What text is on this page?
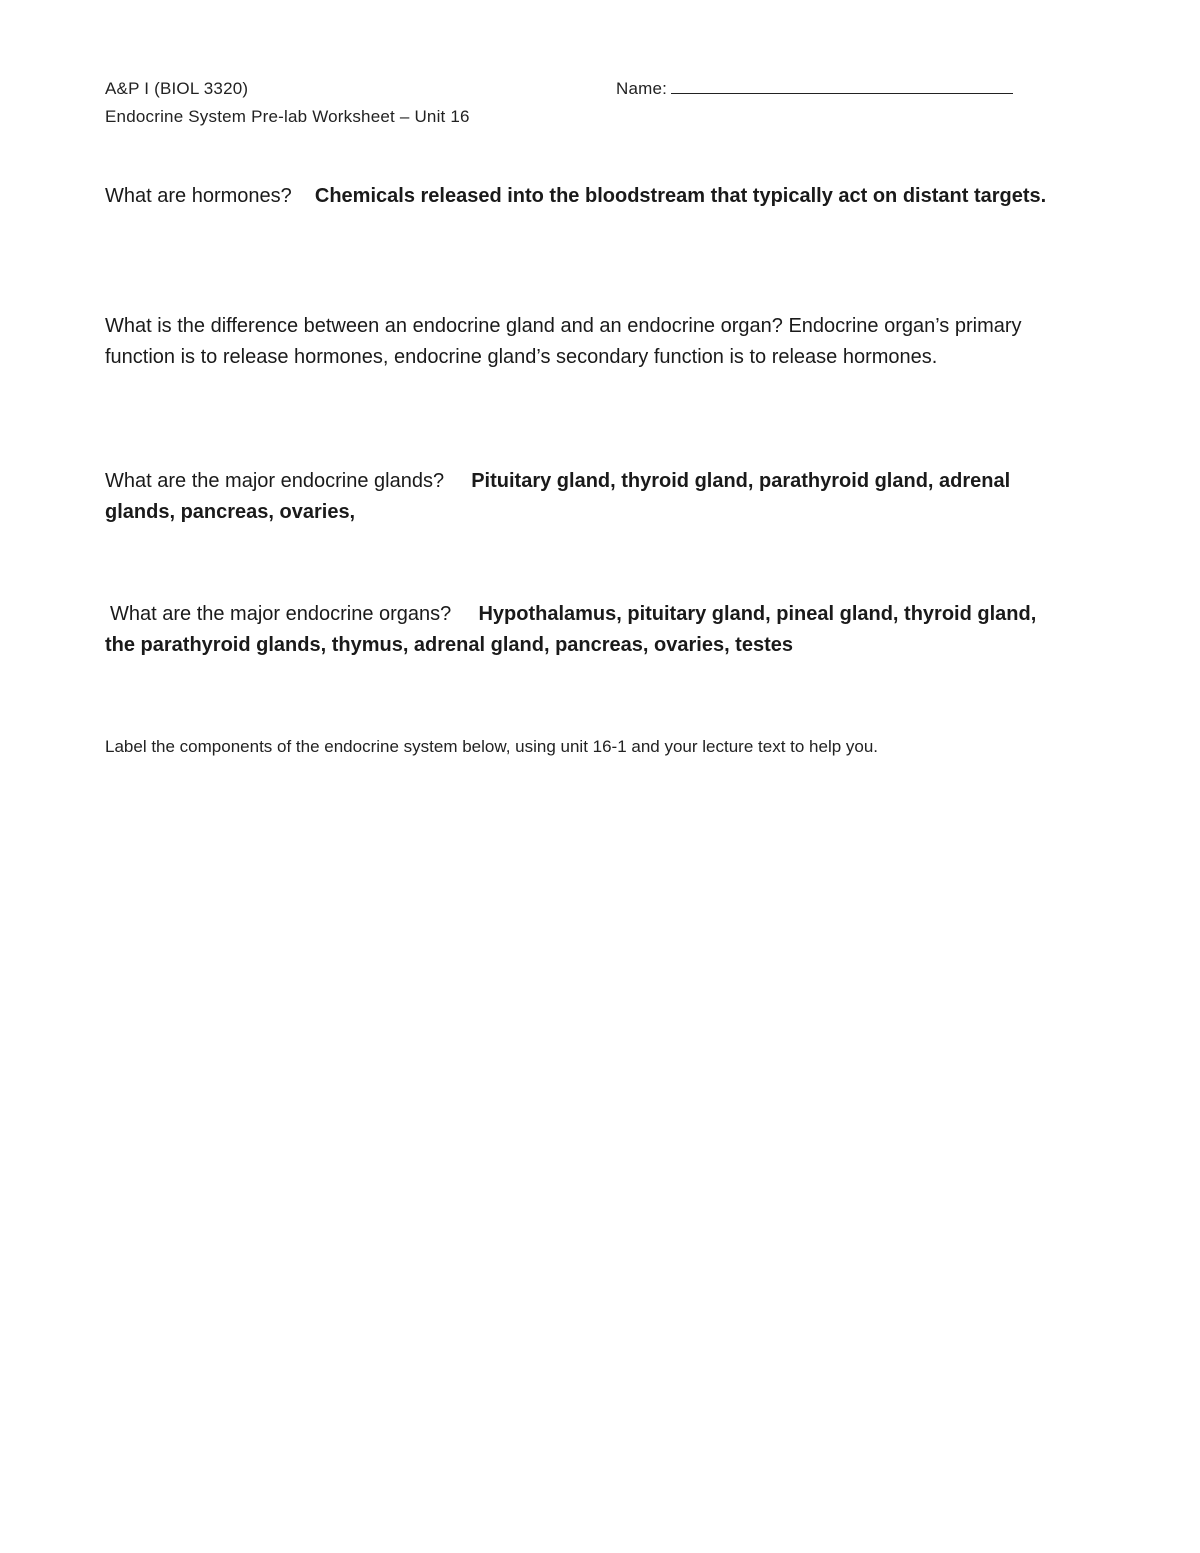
A&P I (BIOL 3320)
Endocrine System Pre-lab Worksheet – Unit 16
Name:
What are hormones? Chemicals released into the bloodstream that typically act on distant targets.
What is the difference between an endocrine gland and an endocrine organ? Endocrine organ’s primary function is to release hormones, endocrine gland’s secondary function is to release hormones.
What are the major endocrine glands? Pituitary gland, thyroid gland, parathyroid gland, adrenal glands, pancreas, ovaries,
What are the major endocrine organs? Hypothalamus, pituitary gland, pineal gland, thyroid gland, the parathyroid glands, thymus, adrenal gland, pancreas, ovaries, testes
Label the components of the endocrine system below, using unit 16-1 and your lecture text to help you.
